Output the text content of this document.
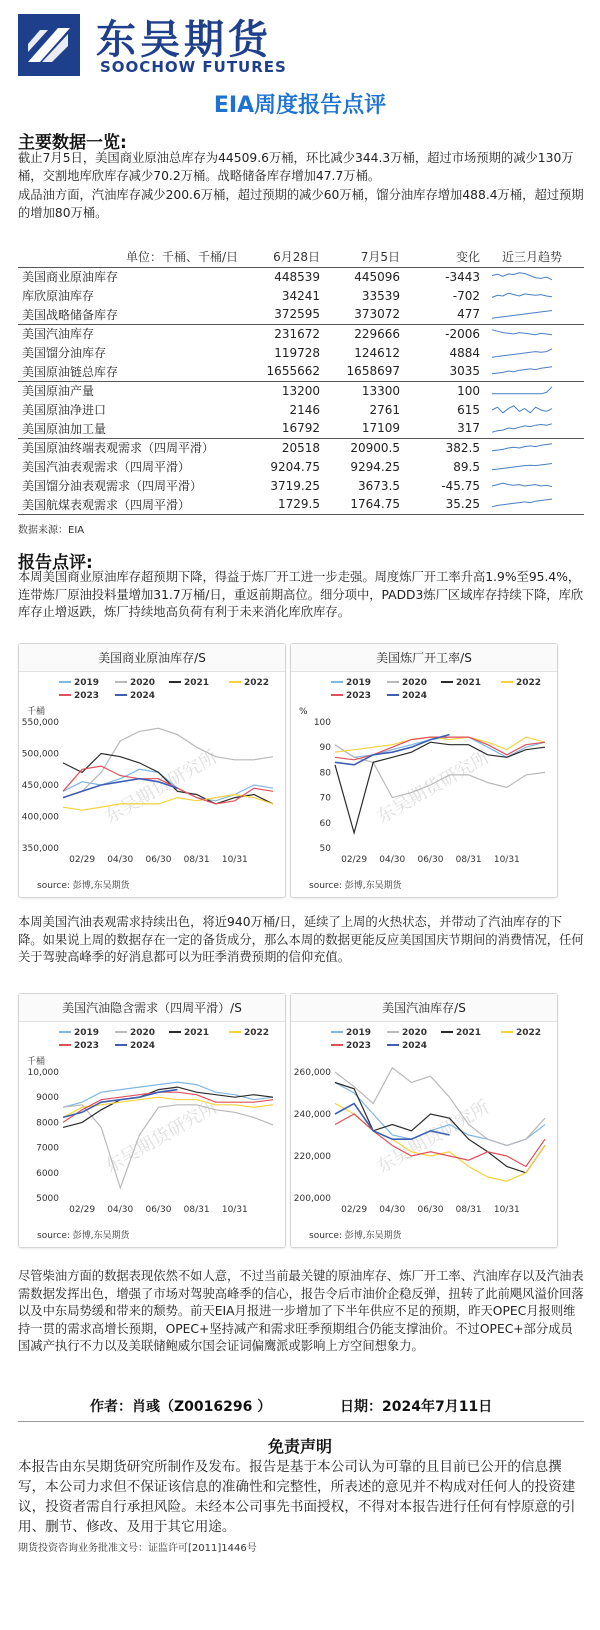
东吴期货
SOOCHOW FUTURES
EIA周度报告点评
主要数据一览:

截止7月5日，美国商业原油总库存为44509.6万桶，环比减少344.3万桶，超过市场预期的减少130万桶，交割地库欣库存减少70.2万桶。战略储备库存增加47.7万桶。

成品油方面，汽油库存减少200.6万桶，超过预期的减少60万桶，馏分油库存增加488.4万桶，超过预期的增加80万桶。

单位：千桶、千桶/日	6月28日	7月5日	变化	近三月趋势
美国商业原油库存	448539	445096	-3443	

库欣原油库存	34241	33539	-702	

美国战略储备库存	372595	373072	477	

美国汽油库存	231672	229666	-2006	

美国馏分油库存	119728	124612	4884	

美国原油链总库存	1655662	1658697	3035	

美国原油产量	13200	13300	100	

美国原油净进口	2146	2761	615	

美国原油加工量	16792	17109	317	

美国原油终端表观需求（四周平滑）	20518	20900.5	382.5	

美国汽油表观需求（四周平滑）	9204.75	9294.25	89.5	

美国馏分油表观需求（四周平滑）	3719.25	3673.5	-45.75	

美国航煤表观需求（四周平滑）	1729.5	1764.75	35.25	
数据来源：EIA
报告点评:

本周美国商业原油库存超预期下降，得益于炼厂开工进一步走强。周度炼厂开工率升高1.9%至95.4%，连带炼厂原油投料量增加31.7万桶/日，重返前期高位。细分项中，PADD3炼厂区域库存持续下降，库欣库存止增返跌，炼厂持续地高负荷有利于未来消化库欣库存。

美国商业原油库存/S
2019	2020	2021	2022
2023	2024
千桶
550,000
500,000
450,000
400,000
350,000
02/29 04/30 06/30 08/31 10/31
东吴期货研究所
source: 彭博,东吴期货
美国炼厂开工率/S
2019	2020	2021	2022
2023	2024
%
100
90
80
70
60
50
02/29 04/30 06/30 08/31 10/31
东吴期货研究所
source: 彭博,东吴期货

本周美国汽油表观需求持续出色，将近940万桶/日，延续了上周的火热状态，并带动了汽油库存的下降。如果说上周的数据存在一定的备货成分，那么本周的数据更能反应美国国庆节期间的消费情况，任何关于驾驶高峰季的好消息都可以为旺季消费预期的信仰充值。

美国汽油隐含需求（四周平滑）/S
2019	2020	2021	2022
2023	2024
千桶
10,000
9000
8000
7000
6000
5000
02/29 04/30 06/30 08/31 10/31
东吴期货研究所
source: 彭博,东吴期货
美国汽油库存/S
2019	2020	2021	2022
2023	2024
260,000
240,000
220,000
200,000
02/29 04/30 06/30 08/31 10/31
东吴期货研究所
source: 彭博,东吴期货

尽管柴油方面的数据表现依然不如人意，不过当前最关键的原油库存、炼厂开工率、汽油库存以及汽油表需数据发挥出色，增强了市场对驾驶高峰季的信心，报告令后市油价企稳反弹，扭转了此前飓风溢价回落以及中东局势缓和带来的颓势。前天EIA月报进一步增加了下半年供应不足的预期，昨天OPEC月报则维持一贯的需求高增长预期，OPEC+坚持减产和需求旺季预期组合仍能支撑油价。不过OPEC+部分成员国减产执行不力以及美联储鲍威尔国会证词偏鹰派或影响上方空间想象力。

作者：肖彧（Z0016296 ）	日期：2024年7月11日
免责声明

本报告由东吴期货研究所制作及发布。报告是基于本公司认为可靠的且目前已公开的信息撰写，本公司力求但不保证该信息的准确性和完整性，所表述的意见并不构成对任何人的投资建议，投资者需自行承担风险。未经本公司事先书面授权，不得对本报告进行任何有悖原意的引用、删节、修改、及用于其它用途。

期货投资咨询业务批准文号：证监许可[2011]1446号
